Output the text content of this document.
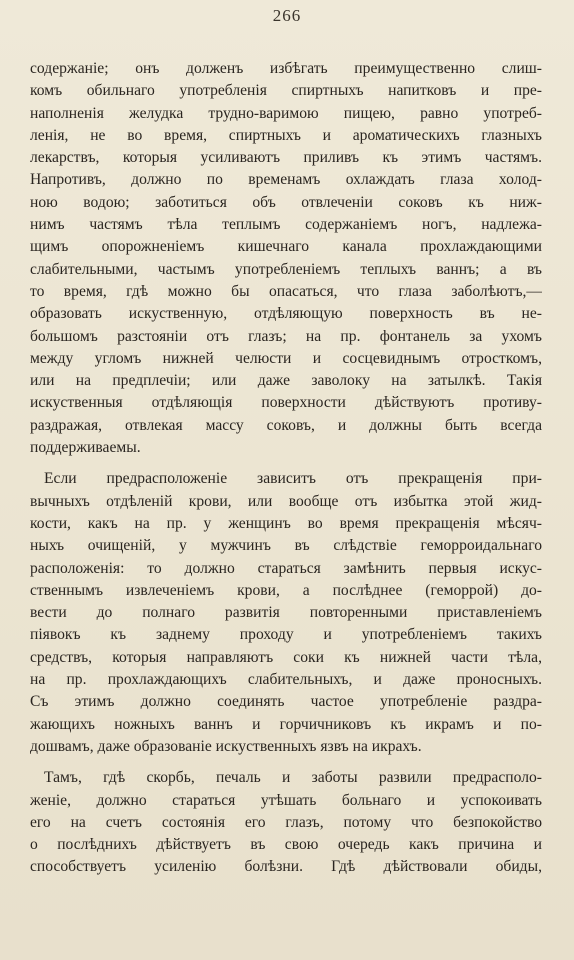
266
содержаніе; онъ долженъ избѣгать преимущественно слиш-
комъ обильнаго употребленія спиртныхъ напитковъ и пре-
наполненія желудка трудно-варимою пищею, равно употреб-
ленія, не во время, спиртныхъ и ароматическихъ глазныхъ
лекарствъ, которыя усиливаютъ приливъ къ этимъ частямъ.
Напротивъ, должно по временамъ охлаждать глаза холод-
ною водою; заботиться объ отвлеченіи соковъ къ ниж-
нимъ частямъ тѣла теплымъ содержаніемъ ногъ, надлежа-
щимъ опорожненіемъ кишечнаго канала прохлаждающими
слабительными, частымъ употребленіемъ теплыхъ ваннъ; а въ
то время, гдѣ можно бы опасаться, что глаза заболѣютъ,—
образовать искуственную, отдѣляющую поверхность въ не-
большомъ разстояніи отъ глазъ; на пр. фонтанель за ухомъ
между угломъ нижней челюсти и сосцевиднымъ отросткомъ,
или на предплечіи; или даже заволоку на затылкѣ. Такія
искуственныя отдѣляющія поверхности дѣйствуютъ противу-
раздражая, отвлекая массу соковъ, и должны быть всегда
поддерживаемы.
Если предрасположеніе зависитъ отъ прекращенія при-
вычныхъ отдѣленій крови, или вообще отъ избытка этой жид-
кости, какъ на пр. у женщинъ во время прекращенія мѣсяч-
ныхъ очищеній, у мужчинъ въ слѣдствіе геморроидальнаго
расположенія: то должно стараться замѣнить первыя искус-
ственнымъ извлеченіемъ крови, а послѣднее (геморрой) до-
вести до полнаго развитія повторенными приставленіемъ
піявокъ къ заднему проходу и употребленіемъ такихъ
средствъ, которыя направляютъ соки къ нижней части тѣла,
на пр. прохлаждающихъ слабительныхъ, и даже проносныхъ.
Съ этимъ должно соединять частое употребленіе раздра-
жающихъ ножныхъ ваннъ и горчичниковъ къ икрамъ и по-
дошвамъ, даже образованіе искуственныхъ язвъ на икрахъ.
Тамъ, гдѣ скорбь, печаль и заботы развили предрасполо-
женіе, должно стараться утѣшать больнаго и успокоивать
его на счетъ состоянія его глазъ, потому что безпокойство
о послѣднихъ дѣйствуетъ въ свою очередь какъ причина и
способствуетъ усиленію болѣзни. Гдѣ дѣйствовали обиды,
